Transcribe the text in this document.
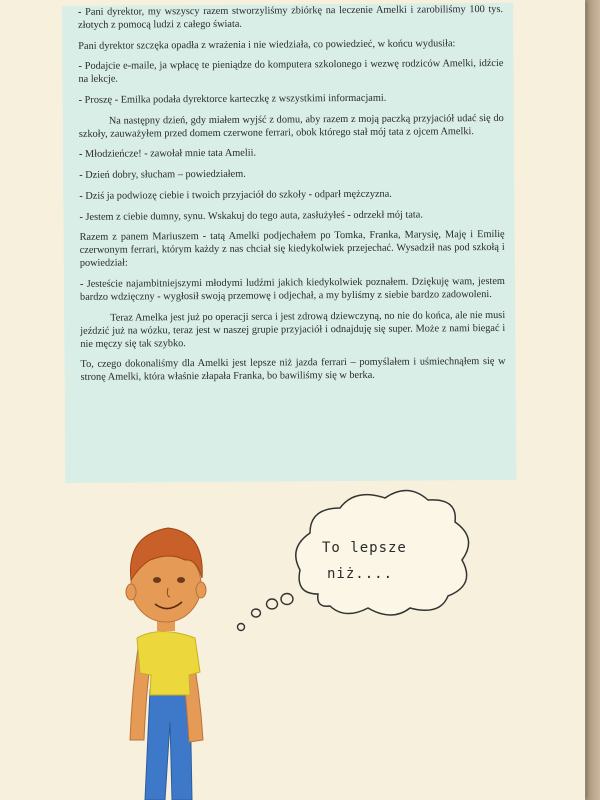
- Pani dyrektor, my wszyscy razem stworzyliśmy zbiórkę na leczenie Amelki i zarobiliśmy 100 tys. złotych z pomocą ludzi z całego świata.

Pani dyrektor szczęka opadła z wrażenia i nie wiedziała, co powiedzieć, w końcu wydusiła:

- Podajcie e-maile, ja wpłacę te pieniądze do komputera szkolonego i wezwę rodziców Amelki, idźcie na lekcje.

- Proszę - Emilka podała dyrektorce karteczkę z wszystkimi informacjami.

Na następny dzień, gdy miałem wyjść z domu, aby razem z moją paczką przyjaciół udać się do szkoły, zauważyłem przed domem czerwone ferrari, obok którego stał mój tata z ojcem Amelki.

- Młodzieńcze! - zawołał mnie tata Amelii.

- Dzień dobry, słucham – powiedziałem.

- Dziś ja podwiozę ciebie i twoich przyjaciół do szkoły - odparł mężczyzna.

- Jestem z ciebie dumny, synu. Wskakuj do tego auta, zasłużyłeś - odrzekł mój tata.

Razem z panem Mariuszem - tatą Amelki podjechałem po Tomka, Franka, Marysię, Maję i Emilię czerwonym ferrari, którym każdy z nas chciał się kiedykolwiek przejechać. Wysadził nas pod szkołą i powiedział:

- Jesteście najambitniejszymi młodymi ludźmi jakich kiedykolwiek poznałem. Dziękuję wam, jestem bardzo wdzięczny - wygłosił swoją przemowę i odjechał, a my byliśmy z siebie bardzo zadowoleni.

Teraz Amelka jest już po operacji serca i jest zdrową dziewczyną, no nie do końca, ale nie musi jeździć już na wózku, teraz jest w naszej grupie przyjaciół i odnajduję się super. Może z nami biegać i nie męczy się tak szybko.

To, czego dokonaliśmy dla Amelki jest lepsze niż jazda ferrari – pomyślałem i uśmiechnąłem się w stronę Amelki, która właśnie złapała Franka, bo bawiliśmy się w berka.

To lepsze
niż....
